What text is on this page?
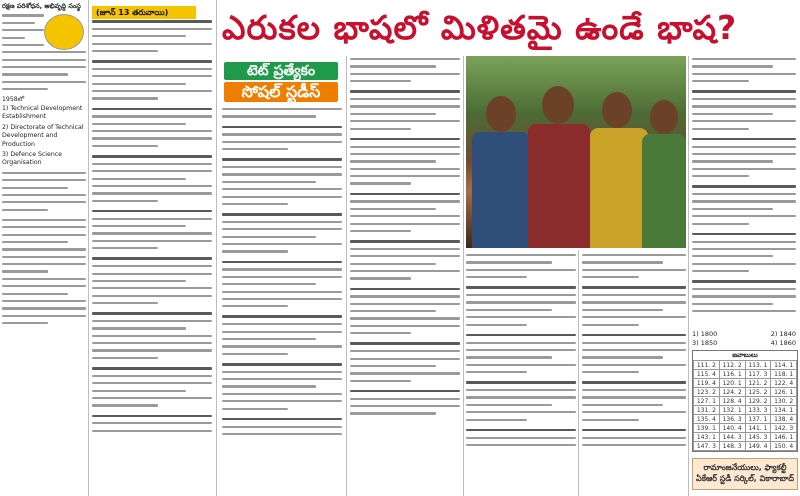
రక్షణ పరిశోధన, అభివృద్ధి సంస్థ
1958లో
1) Technical Development Establishment
2) Directorate of Technical Development and Production
3) Defence Science Organisation
(జూన్ 13 తరువాయి)	ఎరుకల భాషలో మిళితమై ఉండే భాష?
టెట్ ప్రత్యేకం
సోషల్ స్టడీస్
1) 1800	2) 1840
3) 1850	4) 1860
జవాబులు
111. 2	112. 2	113. 1	114. 1
115. 4	116. 1	117. 3	118. 1
119. 4	120. 1	121. 2	122. 4
123. 2	124. 2	125. 2	126. 1
127. 1	128. 4	129. 2	130. 2
131. 2	132. 1	133. 3	134. 1
135. 4	136. 3	137. 1	138. 4
139. 1	140. 4	141. 1	142. 3
143. 1	144. 3	145. 3	146. 1
147. 3	148. 3	149. 4	150. 4
రామాంజనేయులు, ఫ్యాకల్టీ
ఏకేఆర్ స్టడీ సర్కిల్, వికారాబాద్
